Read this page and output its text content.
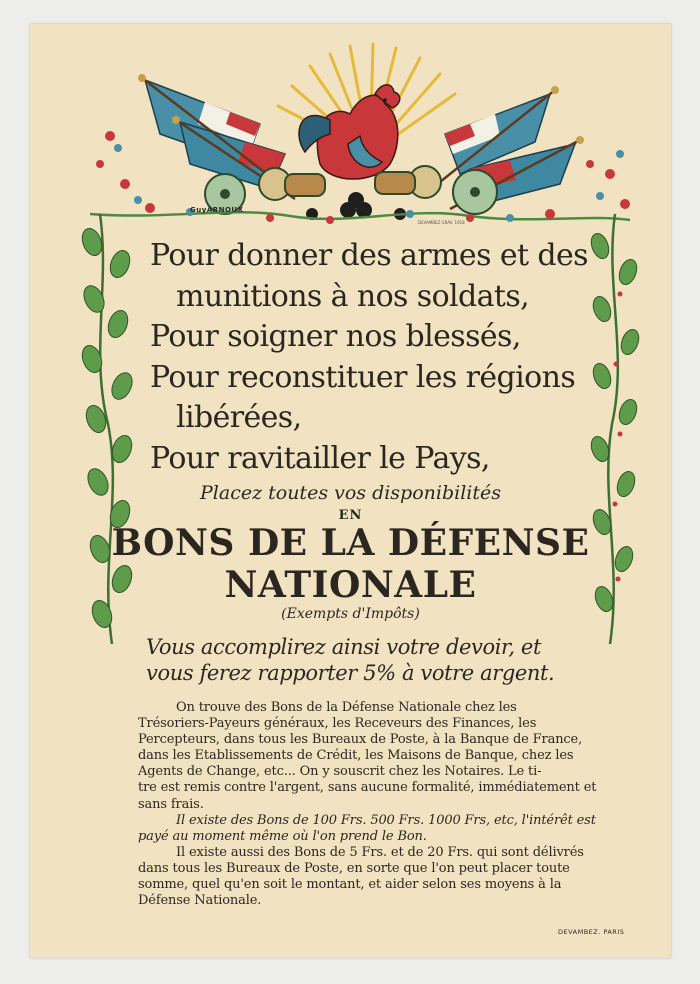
GuyARNOUX
DEVAMBEZ GRAV. 1918
Pour donner des armes et des
munitions à nos soldats,
Pour soigner nos blessés,
Pour reconstituer les régions
libérées,
Pour ravitailler le Pays,
Placez toutes vos disponibilités
EN
BONS DE LA DÉFENSE
NATIONALE
(Exempts d'Impôts)
Vous accomplirez ainsi votre devoir, et
vous ferez rapporter 5% à votre argent.
On trouve des Bons de la Défense Nationale chez les
Trésoriers-Payeurs généraux, les Receveurs des Finances, les
Percepteurs, dans tous les Bureaux de Poste, à la Banque de France,
dans les Etablissements de Crédit, les Maisons de Banque, chez les
Agents de Change, etc... On y souscrit chez les Notaires. Le ti-
tre est remis contre l'argent, sans aucune formalité, immédiatement et
sans frais.
Il existe des Bons de 100 Frs. 500 Frs. 1000 Frs, etc, l'intérêt est
payé au moment même où l'on prend le Bon.
Il existe aussi des Bons de 5 Frs. et de 20 Frs. qui sont délivrés
dans tous les Bureaux de Poste, en sorte que l'on peut placer toute
somme, quel qu'en soit le montant, et aider selon ses moyens à la
Défense Nationale.
DEVAMBEZ. PARIS
